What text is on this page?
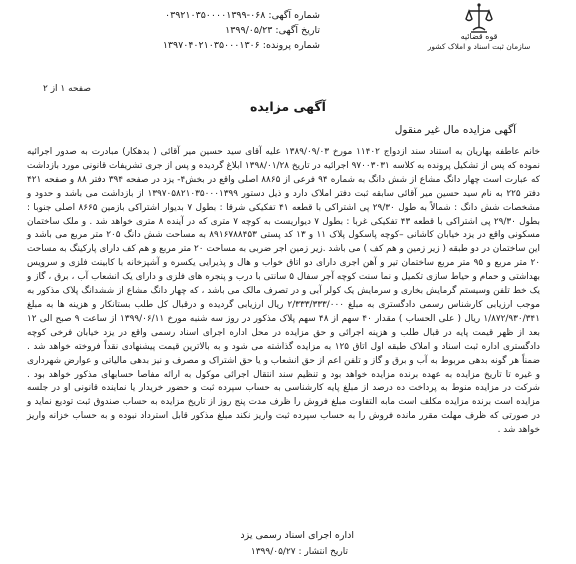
شماره آگهی: ۰۶۸-۰۳۹۲۱۰۳۵۰۰۰۰۱۳۹۹
تاریخ آگهی: ۱۳۹۹/۰۵/۲۳
شماره پرونده: ۱۳۹۷۰۴۰۲۱۰۳۵۰۰۰۱۳۰۶
قوه قضائیه
سازمان ثبت اسناد و املاک کشور
صفحه ۱ از ۲
آگهی مزایده
آگهی مزایده مال غیر منقول

خانم عاطفه بهاریان به استناد سند ازدواج ۱۱۴۰۲ مورخ ۱۳۸۹/۰۹/۰۳ علیه آقای سید حسین میر آقائی ( بدهکار) مبادرت به صدور اجرائیه نموده که پس از تشکیل پرونده به کلاسه ۹۷۰۰۳۰۳۱ اجرائیه در تاریخ ۱۳۹۸/۰۱/۲۸ ابلاغ گردیده و پس از جری تشریفات قانونی مورد بازداشت که عبارت است چهار دانگ مشاع از شش دانگ به شماره ۹۴ فرعی از ۸۸۶۵ اصلی واقع در بخش۴- یزد در صفحه ۳۹۴ دفتر ۸۸ و صفحه ۴۲۱ دفتر ۲۲۵ به نام سید حسین میر آقائی سابقه ثبت دفتر املاک دارد و ذیل دستور ۱۳۹۷۰۵۸۲۱۰۳۵۰۰۰۱۳۹۹ از بازداشت می باشد و حدود و مشخصات شش دانگ : شمالاً به طول ۲۹/۳۰ پی اشتراکی با قطعه ۴۱ تفکیکی شرقا : بطول ۷ بدیوار اشتراکی بازمین ۸۶۶۵ اصلی جنوبا : بطول ۲۹/۳۰ پی اشتراکی با قطعه ۴۳ تفکیکی غربا : بطول ۷ دیواریست به کوچه ۷ متری که در آینده ۸ متری خواهد شد . و ملک ساختمان مسکونی واقع در یزد خیابان کاشانی –کوچه پاسکول پلاک ۱۱ و ۱۳ کد پستی ۸۹۱۶۷۸۸۴۵۳ به مساحت شش دانگ ۲۰۵ متر مربع می باشد و این ساختمان در دو طبقه ( زیر زمین و هم کف ) می باشد .زیر زمین اجر ضربی به مساحت ۲۰ متر مربع و هم کف دارای پارکینگ به مساحت ۲۰ متر مربع و ۹۵ متر مربع ساختمان تیر و آهن اجری دارای دو اتاق خواب و هال و پذیرایی یکسره و آشپزخانه با کابینت فلزی و سرویس بهداشتی و حمام و حیاط سازی تکمیل و نما سنت کوچه آجر سفال ۵ سانتی با درب و پنجره های فلزی و دارای یک انشعاب آب ، برق ، گاز و یک خط تلفن وسیستم گرمایش بخاری و سرمایش یک کولر آبی و در تصرف مالک می باشد ، که چهار دانگ مشاع از ششدانگ پلاک مذکور به موجب ارزیابی کارشناس رسمی دادگستری به مبلغ ۲/۳۳۳/۳۳۳/۰۰۰ ریال ارزیابی گردیده و درقبال کل طلب بستانکار و هزینه ها به مبلغ ۱/۸۷۲/۹۳۰/۳۴۱ ریال ( علی الحساب ) مقدار ۴۰ سهم از ۴۸ سهم پلاک مذکور در روز سه شنبه مورخ ۱۳۹۹/۰۶/۱۱ از ساعت ۹ صبح الی ۱۲ بعد از ظهر قیمت پایه در قبال طلب و هزینه اجرائی و حق مزایده در محل اداره اجرای اسناد رسمی واقع در یزد خیابان فرخی کوچه دادگستری اداره ثبت اسناد و املاک طبقه اول اتاق ۱۲۵ به مزایده گذاشته می شود و به بالاترین قیمت پیشنهادی نقداً فروخته خواهد شد . ضمناً هر گونه بدهی مربوط به آب و برق و گاز و تلفن اعم از حق انشعاب و یا حق اشتراک و مصرف و نیز بدهی مالیاتی و عوارض شهرداری و غیره تا تاریخ مزایده به عهده برنده مزایده خواهد بود و تنظیم سند انتقال اجرائی موکول به ارائه مفاصا حسابهای مذکور خواهد بود . شرکت در مزایده منوط به پرداخت ده درصد از مبلغ پایه کارشناسی به حساب سپرده ثبت و حضور خریدار یا نماینده قانونی او در جلسه مزایده است برنده مزایده مکلف است مابه التفاوت مبلغ فروش را ظرف مدت پنج روز از تاریخ مزایده به حساب صندوق ثبت تودیع نماید و در صورتی که ظرف مهلت مقرر مانده فروش را به حساب سپرده ثبت واریز نکند مبلغ مذکور قابل استرداد نبوده و به حساب خزانه واریز خواهد شد .

اداره اجرای اسناد رسمی یزد
تاریخ انتشار : ۱۳۹۹/۰۵/۲۷
